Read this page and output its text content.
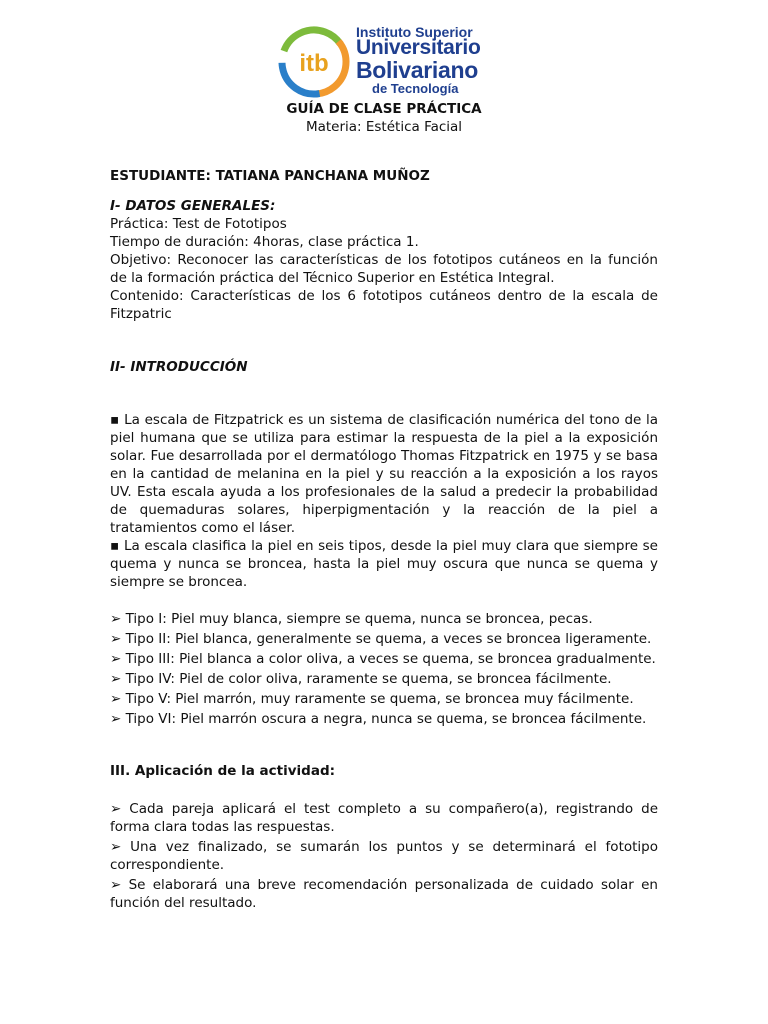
itb
Instituto Superior
Universitario
Bolivariano
de Tecnología
GUÍA DE CLASE PRÁCTICA
Materia: Estética Facial
ESTUDIANTE: TATIANA PANCHANA MUÑOZ
I- DATOS GENERALES:
Práctica: Test de Fototipos
Tiempo de duración: 4horas, clase práctica 1.
Objetivo: Reconocer las características de los fototipos cutáneos en la función de la formación práctica del Técnico Superior en Estética Integral.
Contenido: Características de los 6 fototipos cutáneos dentro de la escala de Fitzpatric
II- INTRODUCCIÓN
▪ La escala de Fitzpatrick es un sistema de clasificación numérica del tono de la piel humana que se utiliza para estimar la respuesta de la piel a la exposición solar. Fue desarrollada por el dermatólogo Thomas Fitzpatrick en 1975 y se basa en la cantidad de melanina en la piel y su reacción a la exposición a los rayos UV. Esta escala ayuda a los profesionales de la salud a predecir la probabilidad de quemaduras solares, hiperpigmentación y la reacción de la piel a tratamientos como el láser.
▪ La escala clasifica la piel en seis tipos, desde la piel muy clara que siempre se quema y nunca se broncea, hasta la piel muy oscura que nunca se quema y siempre se broncea.
➢ Tipo I: Piel muy blanca, siempre se quema, nunca se broncea, pecas.
➢ Tipo II: Piel blanca, generalmente se quema, a veces se broncea ligeramente.
➢ Tipo III: Piel blanca a color oliva, a veces se quema, se broncea gradualmente.
➢ Tipo IV: Piel de color oliva, raramente se quema, se broncea fácilmente.
➢ Tipo V: Piel marrón, muy raramente se quema, se broncea muy fácilmente.
➢ Tipo VI: Piel marrón oscura a negra, nunca se quema, se broncea fácilmente.
III. Aplicación de la actividad:
➢ Cada pareja aplicará el test completo a su compañero(a), registrando de forma clara todas las respuestas.
➢ Una vez finalizado, se sumarán los puntos y se determinará el fototipo correspondiente.
➢ Se elaborará una breve recomendación personalizada de cuidado solar en función del resultado.
